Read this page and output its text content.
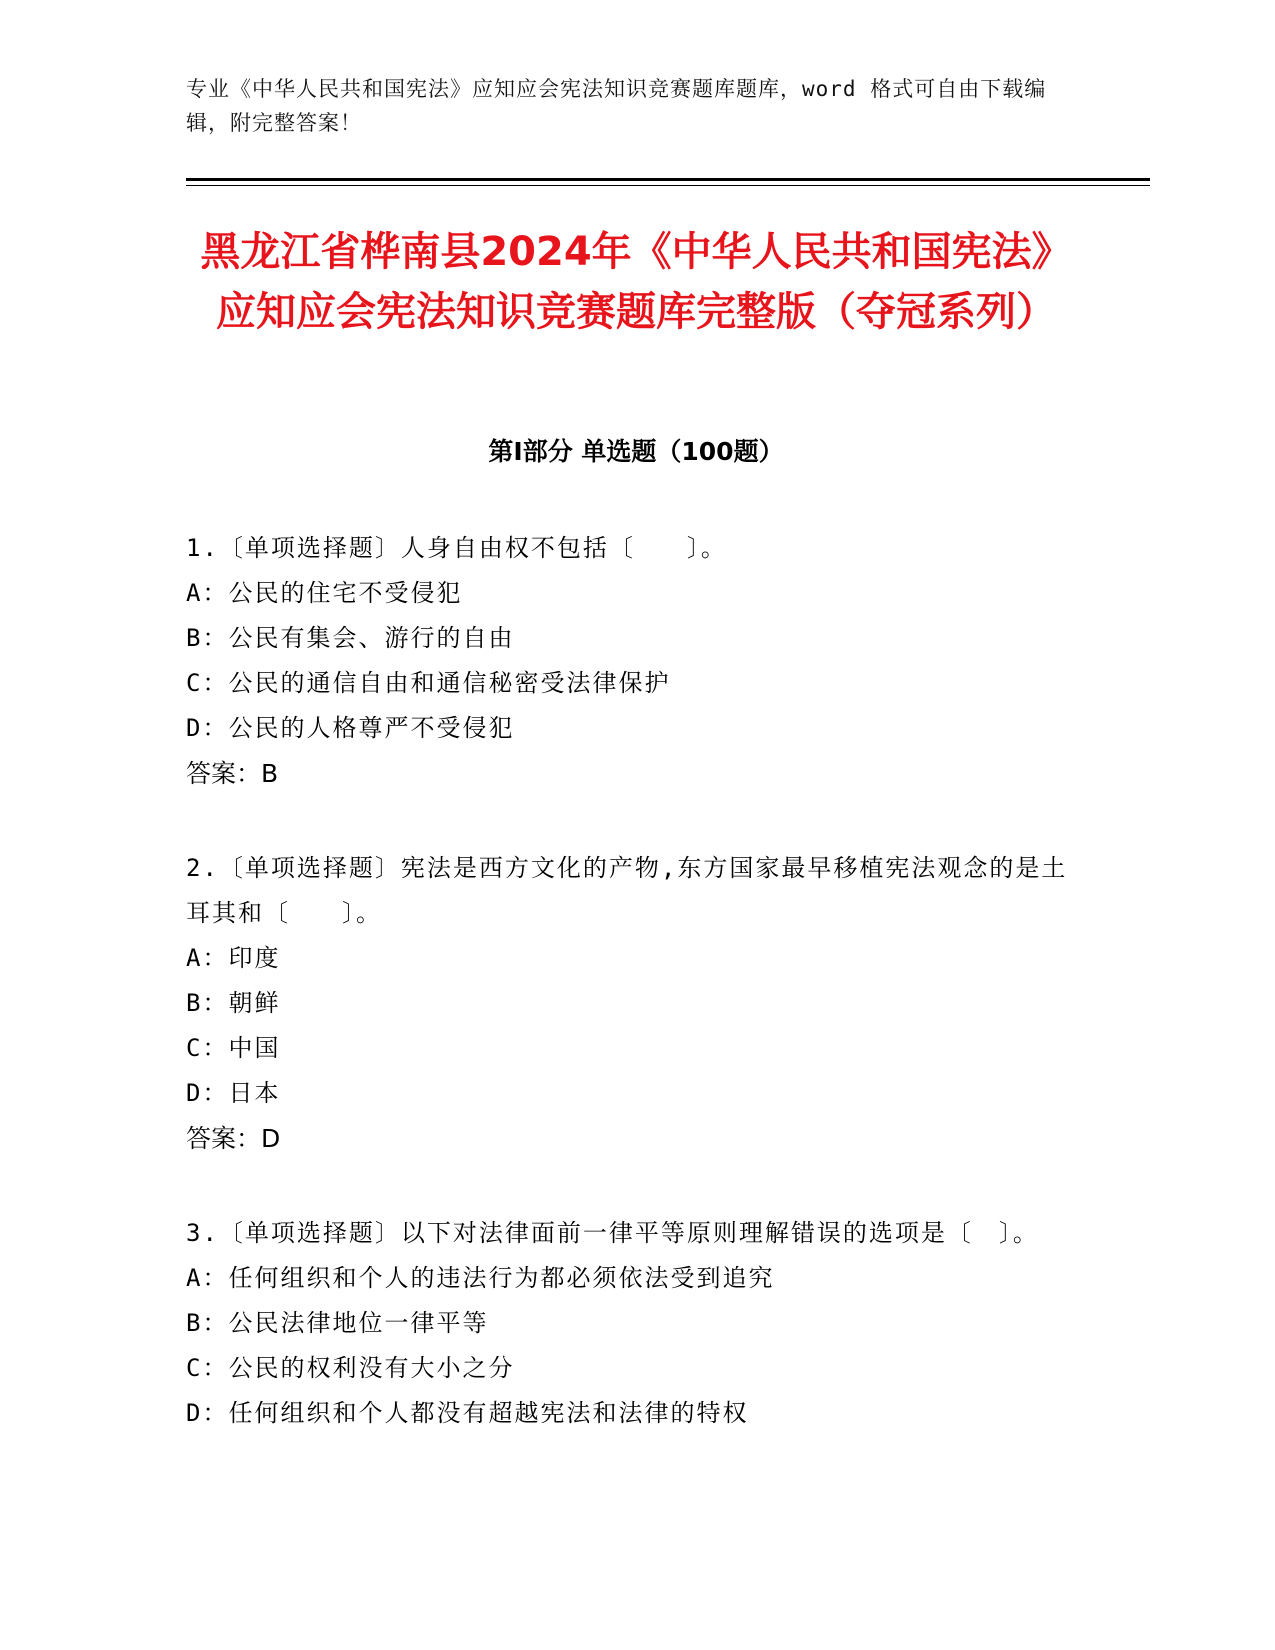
专业《中华人民共和国宪法》应知应会宪法知识竞赛题库题库，word 格式可自由下载编辑，附完整答案！
黑龙江省桦南县2024年《中华人民共和国宪法》应知应会宪法知识竞赛题库完整版（夺冠系列）
第Ⅰ部分 单选题（100题）

1.〔单项选择题〕人身自由权不包括〔　　〕。

A：公民的住宅不受侵犯

B：公民有集会、游行的自由

C：公民的通信自由和通信秘密受法律保护

D：公民的人格尊严不受侵犯

答案：B

2.〔单项选择题〕宪法是西方文化的产物,东方国家最早移植宪法观念的是土耳其和〔　　〕。

A：印度

B：朝鲜

C：中国

D：日本

答案：D

3.〔单项选择题〕以下对法律面前一律平等原则理解错误的选项是〔　〕。

A：任何组织和个人的违法行为都必须依法受到追究

B：公民法律地位一律平等

C：公民的权利没有大小之分

D：任何组织和个人都没有超越宪法和法律的特权
